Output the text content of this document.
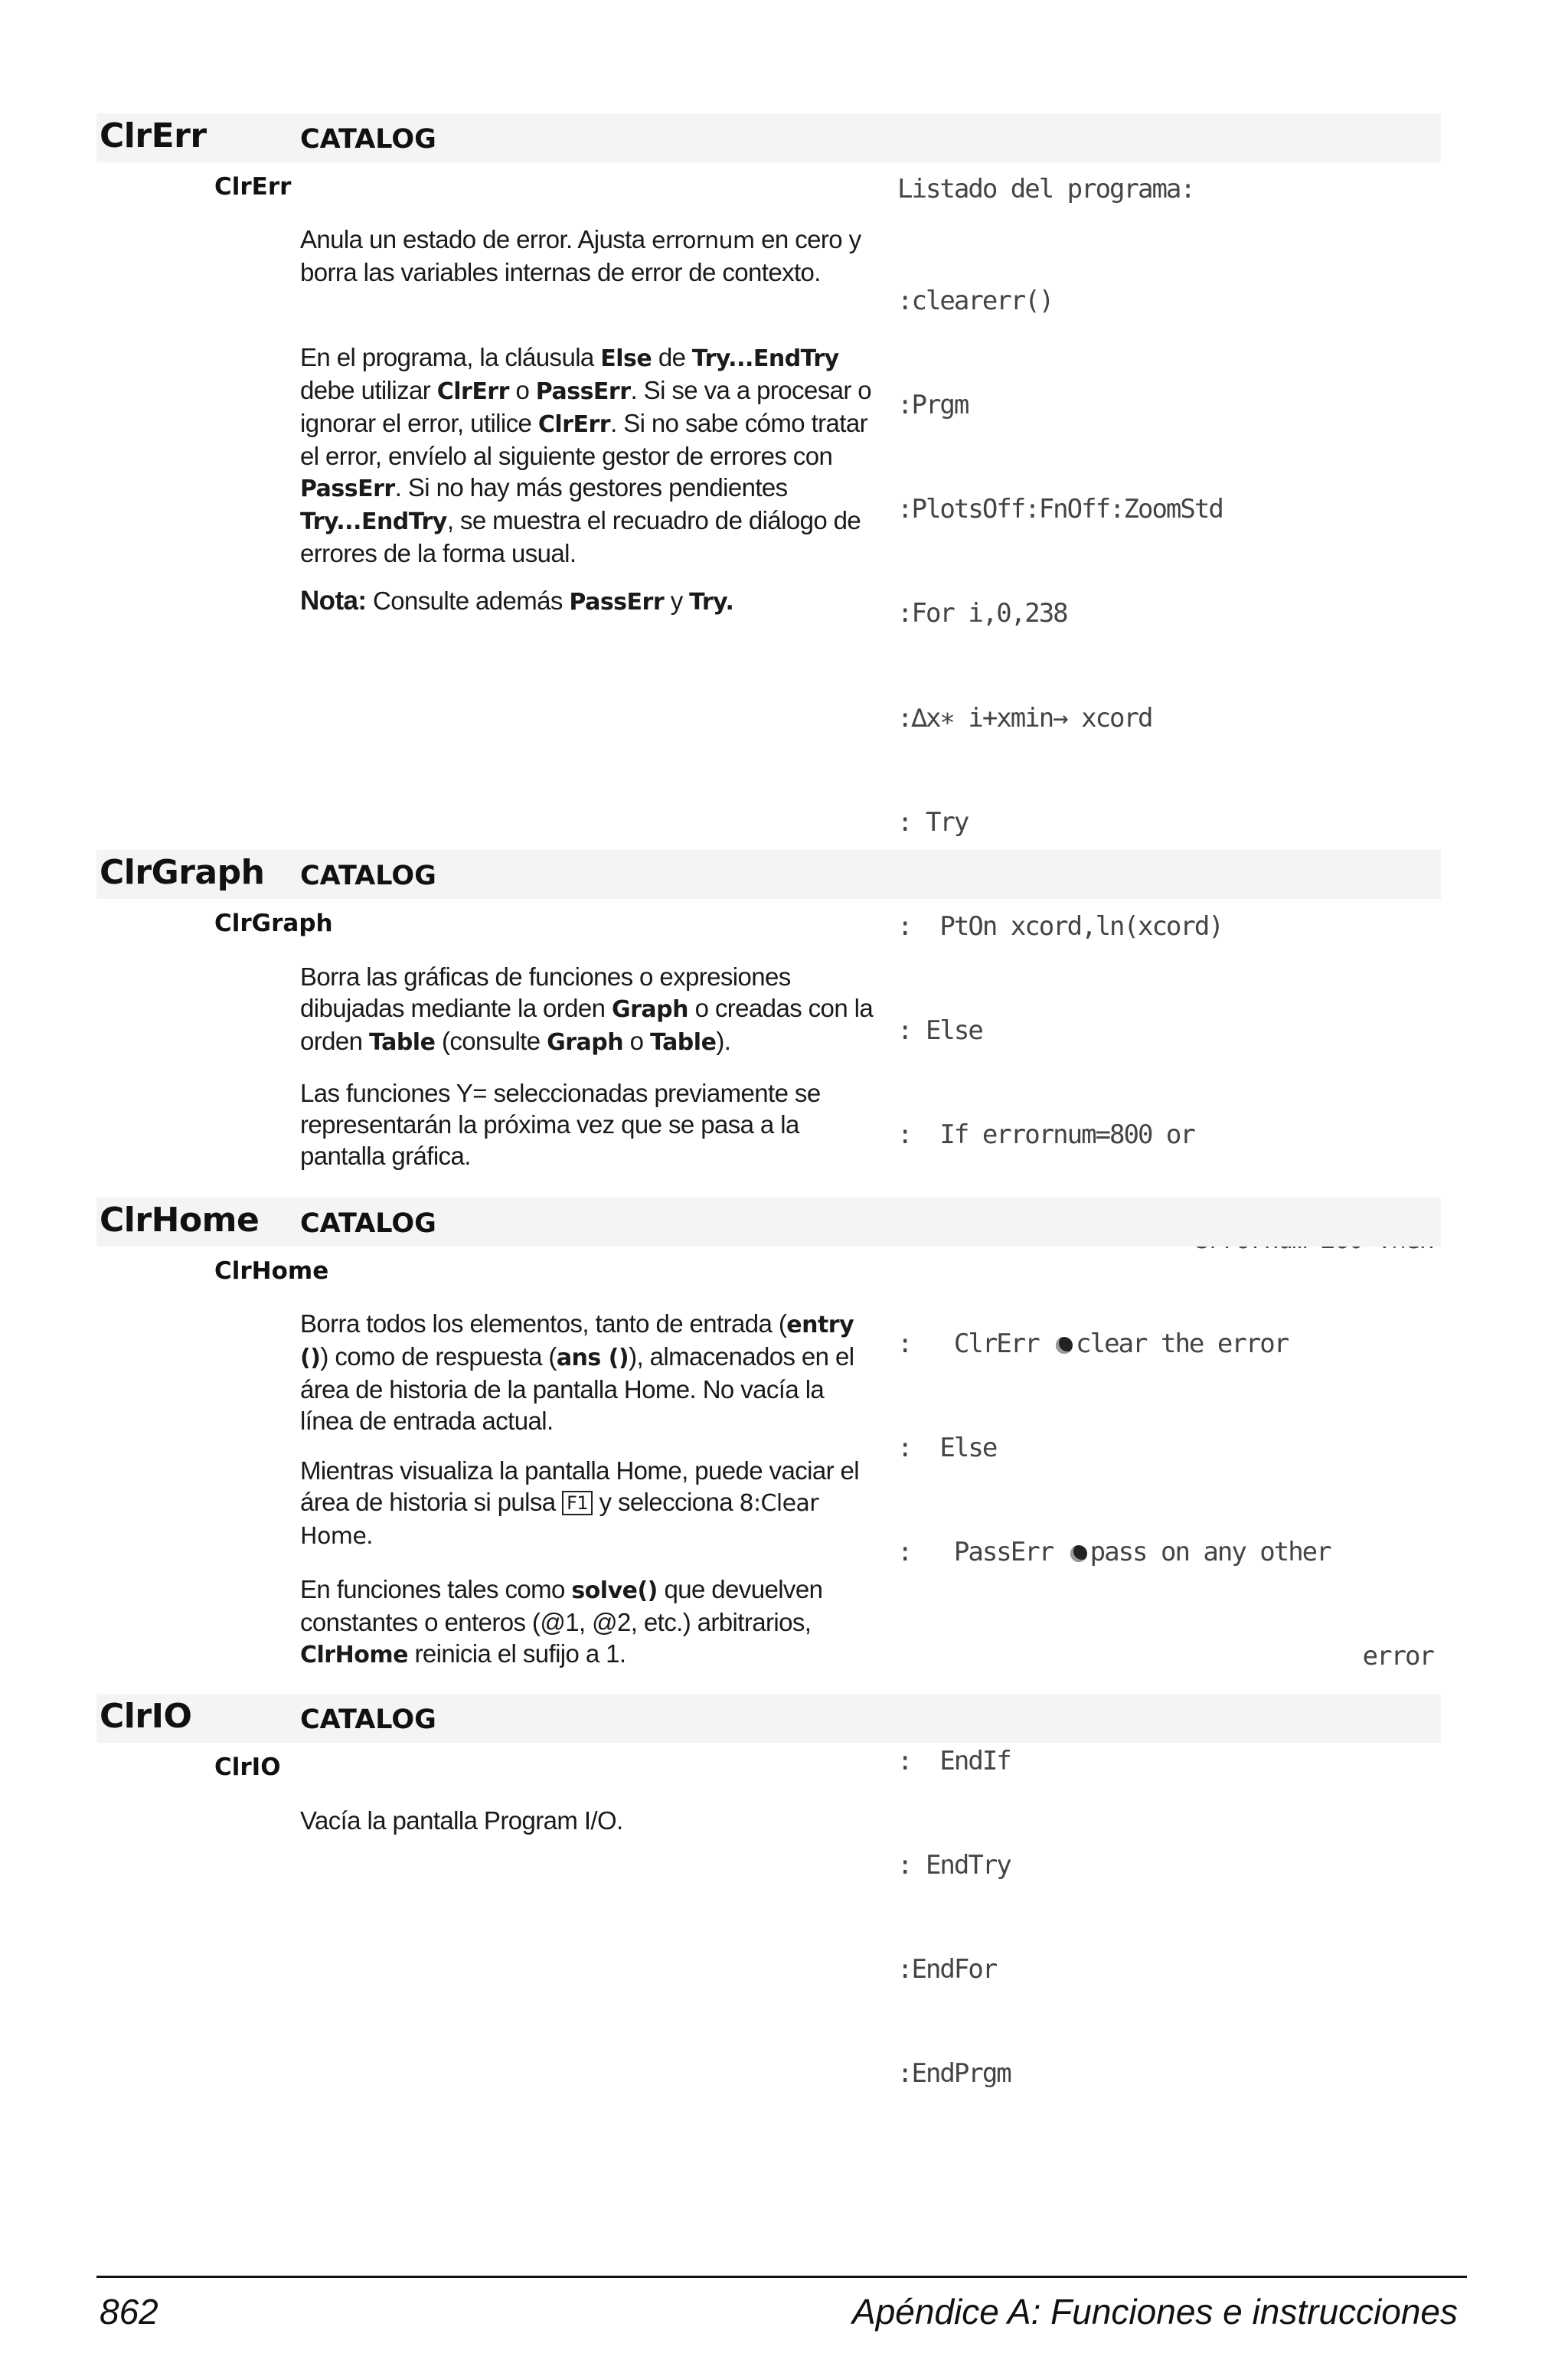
ClrErr	CATALOG
ClrErr

Anula un estado de error. Ajusta errornum en cero y borra las variables internas de error de contexto.

En el programa, la cláusula Else de Try...EndTry debe utilizar ClrErr o PassErr. Si se va a procesar o ignorar el error, utilice ClrErr. Si no sabe cómo tratar el error, envíelo al siguiente gestor de errores con PassErr. Si no hay más gestores pendientes Try...EndTry, se muestra el recuadro de diálogo de errores de la forma usual.

Nota: Consulte además PassErr y Try.

Listado del programa:

:clearerr()

:Prgm

:PlotsOff:FnOff:ZoomStd

:For i,0,238

:∆x∗ i+xmin→ xcord

: Try

:  PtOn xcord,ln(xcord)

: Else

:  If errornum=800 or

:   ClrErr clear the error

:  Else

:   PassErr pass on any other

error

:  EndIf

: EndTry

:EndFor

:EndPrgm

ClrGraph CATALOG
ClrGraph

Borra las gráficas de funciones o expresiones dibujadas mediante la orden Graph o creadas con la orden Table (consulte Graph o Table).

Las funciones Y= seleccionadas previamente se representarán la próxima vez que se pasa a la pantalla gráfica.

ClrHome CATALOG
ClrHome

Borra todos los elementos, tanto de entrada (entry ()) como de respuesta (ans ()), almacenados en el área de historia de la pantalla Home. No vacía la línea de entrada actual.

Mientras visualiza la pantalla Home, puede vaciar el área de historia si pulsa F1 y selecciona 8:Clear Home.

En funciones tales como solve() que devuelven constantes o enteros (@1, @2, etc.) arbitrarios, ClrHome reinicia el sufijo a 1.

ClrIO	CATALOG
ClrIO

Vacía la pantalla Program I/O.

862	Apéndice A: Funciones e instrucciones
